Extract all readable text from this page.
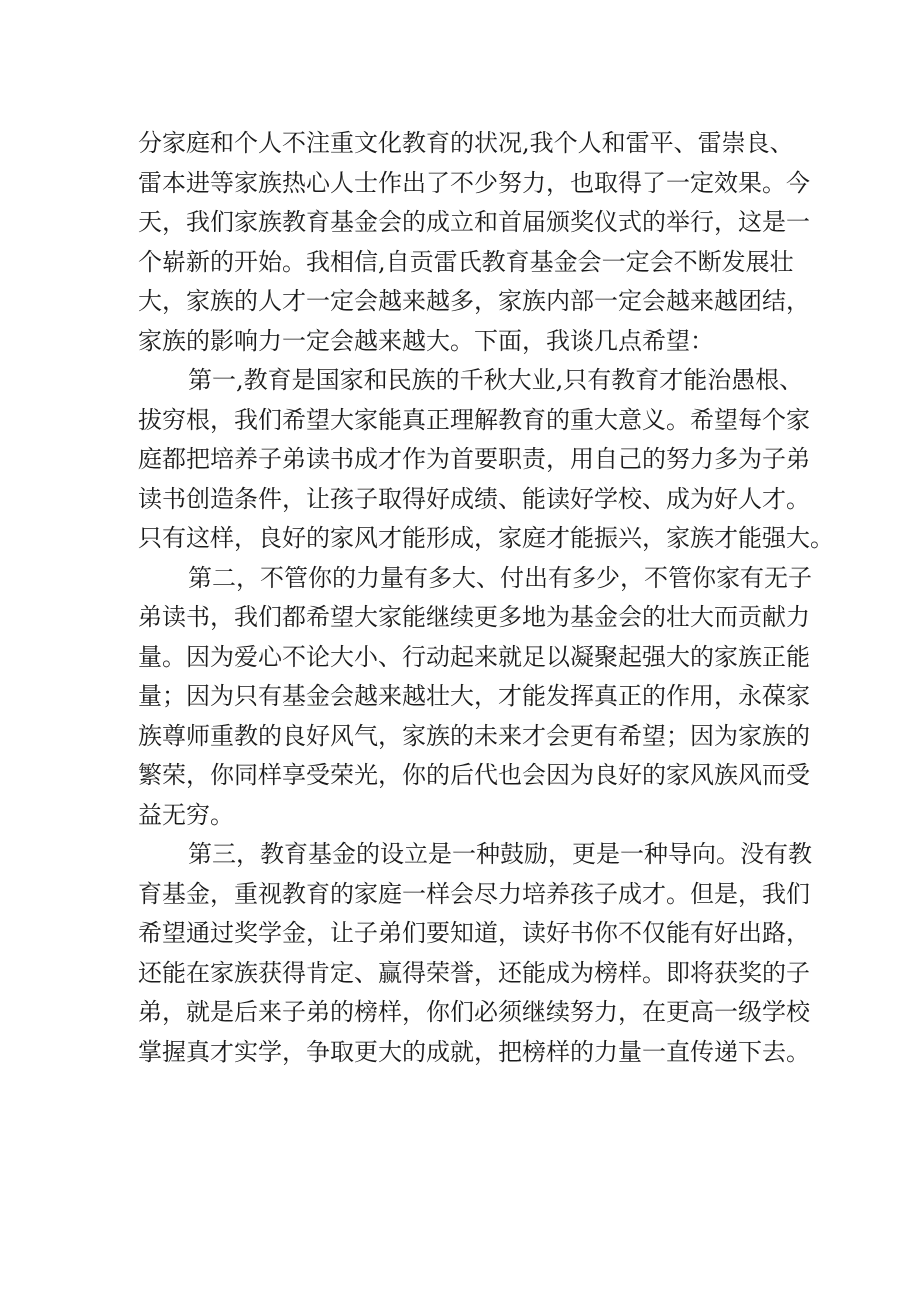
分家庭和个人不注重文化教育的状况,我个人和雷平、雷崇良、
雷本进等家族热心人士作出了不少努力，也取得了一定效果。今
天，我们家族教育基金会的成立和首届颁奖仪式的举行，这是一
个崭新的开始。我相信,自贡雷氏教育基金会一定会不断发展壮
大，家族的人才一定会越来越多，家族内部一定会越来越团结，
家族的影响力一定会越来越大。下面，我谈几点希望：
第一,教育是国家和民族的千秋大业,只有教育才能治愚根、
拔穷根，我们希望大家能真正理解教育的重大意义。希望每个家
庭都把培养子弟读书成才作为首要职责，用自己的努力多为子弟
读书创造条件，让孩子取得好成绩、能读好学校、成为好人才。
只有这样，良好的家风才能形成，家庭才能振兴，家族才能强大。
第二，不管你的力量有多大、付出有多少，不管你家有无子
弟读书，我们都希望大家能继续更多地为基金会的壮大而贡献力
量。因为爱心不论大小、行动起来就足以凝聚起强大的家族正能
量；因为只有基金会越来越壮大，才能发挥真正的作用，永葆家
族尊师重教的良好风气，家族的未来才会更有希望；因为家族的
繁荣，你同样享受荣光，你的后代也会因为良好的家风族风而受
益无穷。
第三，教育基金的设立是一种鼓励，更是一种导向。没有教
育基金，重视教育的家庭一样会尽力培养孩子成才。但是，我们
希望通过奖学金，让子弟们要知道，读好书你不仅能有好出路，
还能在家族获得肯定、赢得荣誉，还能成为榜样。即将获奖的子
弟，就是后来子弟的榜样，你们必须继续努力，在更高一级学校
掌握真才实学，争取更大的成就，把榜样的力量一直传递下去。
